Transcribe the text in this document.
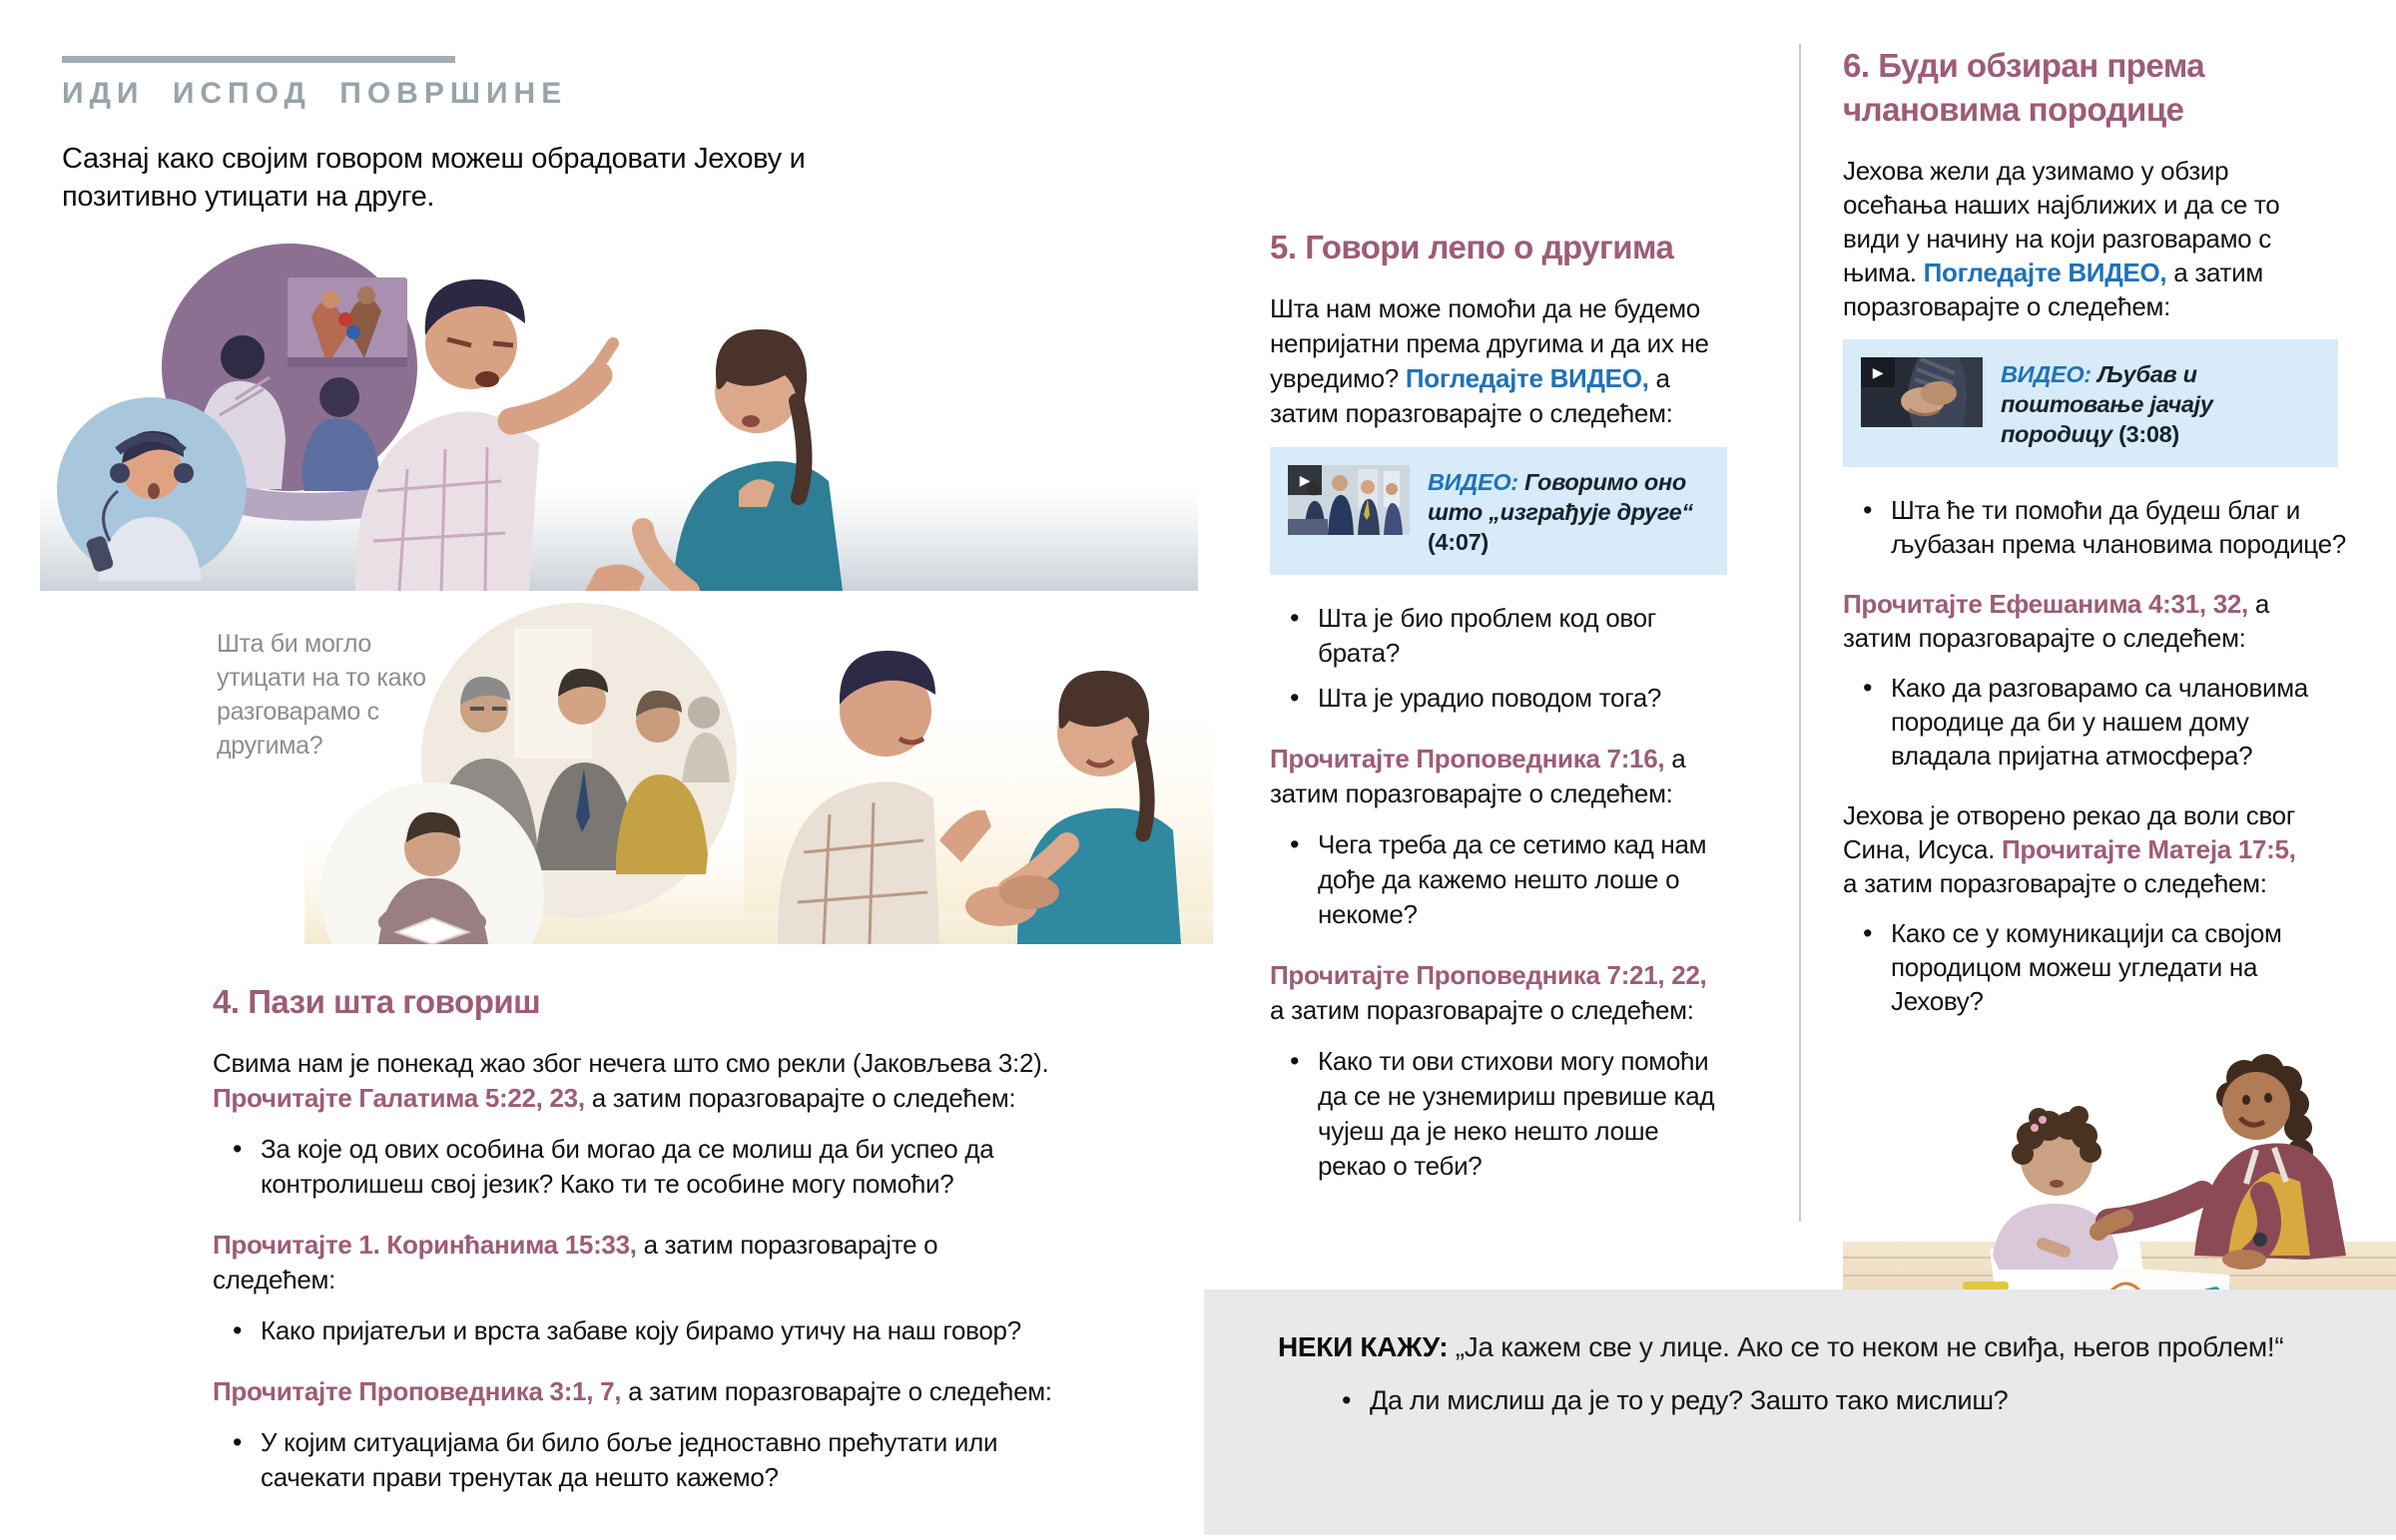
ИДИ ИСПОД ПОВРШИНЕ

Сазнај како својим говором можеш обрадовати Јехову и позитивно утицати на друге.

Шта би могло утицати на то како разговарамо с другима?
4. Пази шта говориш

Свима нам је понекад жао због нечега што смо рекли (Јаковљева 3:2). Прочитајте Галатима 5:22, 23, а затим поразговарајте о следећем:

• За које од ових особина би могао да се молиш да би успео да контролишеш свој језик? Како ти те особине могу помоћи?

Прочитајте 1. Коринћанима 15:33, а затим поразговарајте о следећем:

• Како пријатељи и врста забаве коју бирамо утичу на наш говор?

Прочитајте Проповедника 3:1, 7, а затим поразговарајте о следећем:

• У којим ситуацијама би било боље једноставно прећутати или сачекати прави тренутак да нешто кажемо?
5. Говори лепо о другима

Шта нам може помоћи да не будемо непријатни према другима и да их не увредимо? Погледајте ВИДЕО, а затим поразговарајте о следећем:

▶	ВИДЕО: Говоримо оно што „изграђује друге“ (4:07)
• Шта је био проблем код овог брата?
• Шта је урадио поводом тога?

Прочитајте Проповедника 7:16, а затим поразговарајте о следећем:

• Чега треба да се сетимо кад нам дође да кажемо нешто лоше о некоме?

Прочитајте Проповедника 7:21, 22, а затим поразговарајте о следећем:

• Како ти ови стихови могу помоћи да се не узнемириш превише кад чујеш да је неко нешто лоше рекао о теби?
6. Буди обзиран према члановима породице

Јехова жели да узимамо у обзир осећања наших најближих и да се то види у начину на који разговарамо с њима. Погледајте ВИДЕО, а затим поразговарајте о следећем:

▶	ВИДЕО: Љубав и поштовање јачају породицу (3:08)
• Шта ће ти помоћи да будеш благ и љубазан према члановима породице?

Прочитајте Ефешанима 4:31, 32, а затим поразговарајте о следећем:

• Како да разговарамо са члановима породице да би у нашем дому владала пријатна атмосфера?

Јехова је отворено рекао да воли свог Сина, Исуса. Прочитајте Матеја 17:5, а затим поразговарајте о следећем:

• Како се у комуникацији са својом породицом можеш угледати на Јехову?

НЕКИ КАЖУ: „Ја кажем све у лице. Ако се то неком не свиђа, његов проблем!“

• Да ли мислиш да је то у реду? Зашто тако мислиш?
